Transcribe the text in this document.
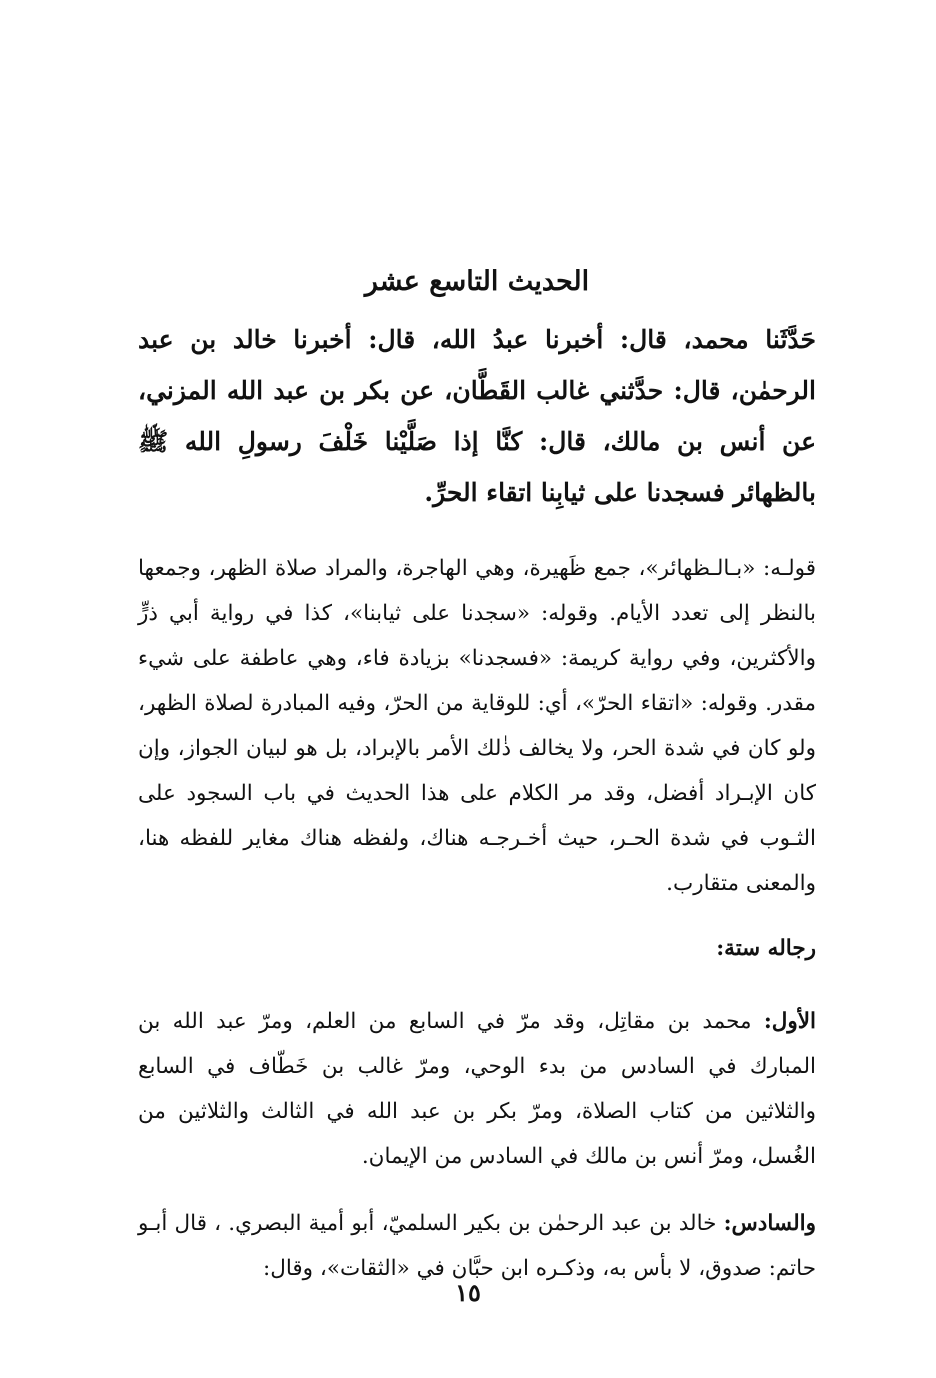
الحديث التاسع عشر

حَدَّثَنا محمد، قال: أخبرنا عبدُ الله، قال: أخبرنا خالد بن عبد الرحمٰن، قال: حدَّثني غالب القَطَّان، عن بكر بن عبد الله المزني، عن أنس بن مالك، قال: كنَّا إذا صَلَّيْنا خَلْفَ رسولِ الله ﷺ بالظهائر فسجدنا على ثيابِنا اتقاء الحرِّ.

قولـه: «بـالـظهائر»، جمع ظَهيرة، وهي الهاجرة، والمراد صلاة الظهر، وجمعها بالنظر إلى تعدد الأيام. وقوله: «سجدنا على ثيابنا»، كذا في رواية أبي ذرٍّ والأكثرين، وفي رواية كريمة: «فسجدنا» بزيادة فاء، وهي عاطفة على شيء مقدر. وقوله: «اتقاء الحرّ»، أي: للوقاية من الحرّ، وفيه المبادرة لصلاة الظهر، ولو كان في شدة الحر، ولا يخالف ذٰلك الأمر بالإبراد، بل هو لبيان الجواز، وإن كان الإبـراد أفضل، وقد مر الكلام على هذا الحديث في باب السجود على الثـوب في شدة الحـر، حيث أخـرجـه هناك، ولفظه هناك مغاير للفظه هنا، والمعنى متقارب.

رجاله ستة:

الأول: محمد بن مقاتِل، وقد مرّ في السابع من العلم، ومرّ عبد الله بن المبارك في السادس من بدء الوحي، ومرّ غالب بن خَطّاف في السابع والثلاثين من كتاب الصلاة، ومرّ بكر بن عبد الله في الثالث والثلاثين من الغُسل، ومرّ أنس بن مالك في السادس من الإيمان.

والسادس: خالد بن عبد الرحمٰن بن بكير السلميّ، أبو أمية البصري. ، قال أبـو حاتم: صدوق، لا بأس به، وذكـره ابن حبَّان في «الثقات»، وقال:

١٥
